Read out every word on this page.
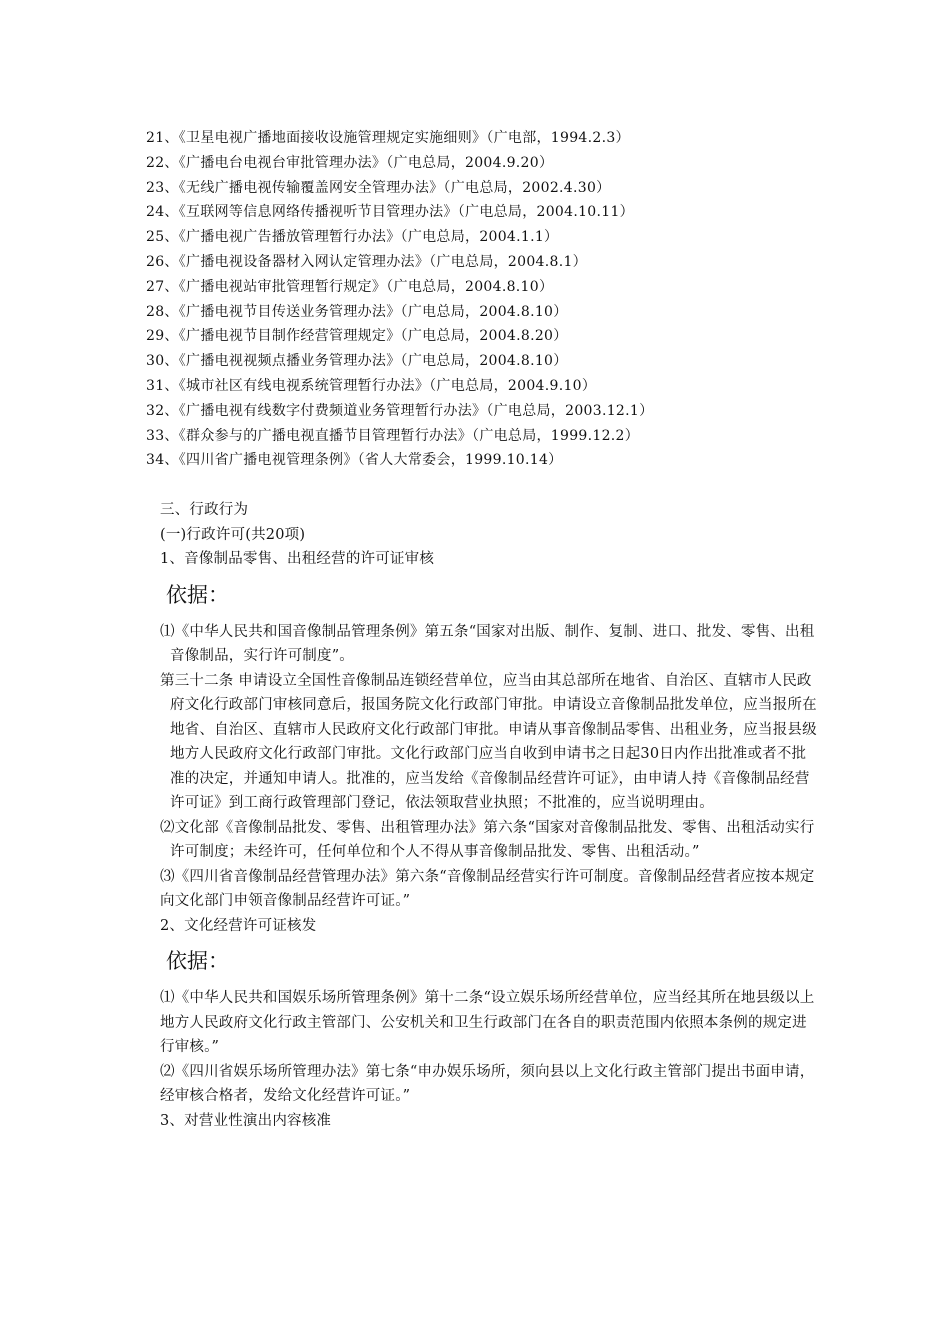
21、《卫星电视广播地面接收设施管理规定实施细则》（广电部，1994.2.3）
22、《广播电台电视台审批管理办法》（广电总局，2004.9.20）
23、《无线广播电视传输覆盖网安全管理办法》（广电总局，2002.4.30）
24、《互联网等信息网络传播视听节目管理办法》（广电总局，2004.10.11）
25、《广播电视广告播放管理暂行办法》（广电总局，2004.1.1）
26、《广播电视设备器材入网认定管理办法》（广电总局，2004.8.1）
27、《广播电视站审批管理暂行规定》（广电总局，2004.8.10）
28、《广播电视节目传送业务管理办法》（广电总局，2004.8.10）
29、《广播电视节目制作经营管理规定》（广电总局，2004.8.20）
30、《广播电视视频点播业务管理办法》（广电总局，2004.8.10）
31、《城市社区有线电视系统管理暂行办法》（广电总局，2004.9.10）
32、《广播电视有线数字付费频道业务管理暂行办法》（广电总局，2003.12.1）
33、《群众参与的广播电视直播节目管理暂行办法》（广电总局，1999.12.2）
34、《四川省广播电视管理条例》（省人大常委会，1999.10.14）

三、行政行为

(一)行政许可(共20项)

1、音像制品零售、出租经营的许可证审核

依据：

⑴《中华人民共和国音像制品管理条例》第五条“国家对出版、制作、复制、进口、批发、零售、出租音像制品，实行许可制度”。

第三十二条 申请设立全国性音像制品连锁经营单位，应当由其总部所在地省、自治区、直辖市人民政府文化行政部门审核同意后，报国务院文化行政部门审批。申请设立音像制品批发单位，应当报所在地省、自治区、直辖市人民政府文化行政部门审批。申请从事音像制品零售、出租业务，应当报县级地方人民政府文化行政部门审批。文化行政部门应当自收到申请书之日起30日内作出批准或者不批准的决定，并通知申请人。批准的，应当发给《音像制品经营许可证》，由申请人持《音像制品经营许可证》到工商行政管理部门登记，依法领取营业执照；不批准的，应当说明理由。

⑵文化部《音像制品批发、零售、出租管理办法》第六条“国家对音像制品批发、零售、出租活动实行许可制度；未经许可，任何单位和个人不得从事音像制品批发、零售、出租活动。”

⑶《四川省音像制品经营管理办法》第六条“音像制品经营实行许可制度。音像制品经营者应按本规定向文化部门申领音像制品经营许可证。”

2、文化经营许可证核发

依据：

⑴《中华人民共和国娱乐场所管理条例》第十二条“设立娱乐场所经营单位，应当经其所在地县级以上地方人民政府文化行政主管部门、公安机关和卫生行政部门在各自的职责范围内依照本条例的规定进行审核。”

⑵《四川省娱乐场所管理办法》第七条“申办娱乐场所，须向县以上文化行政主管部门提出书面申请，经审核合格者，发给文化经营许可证。”

3、对营业性演出内容核准
